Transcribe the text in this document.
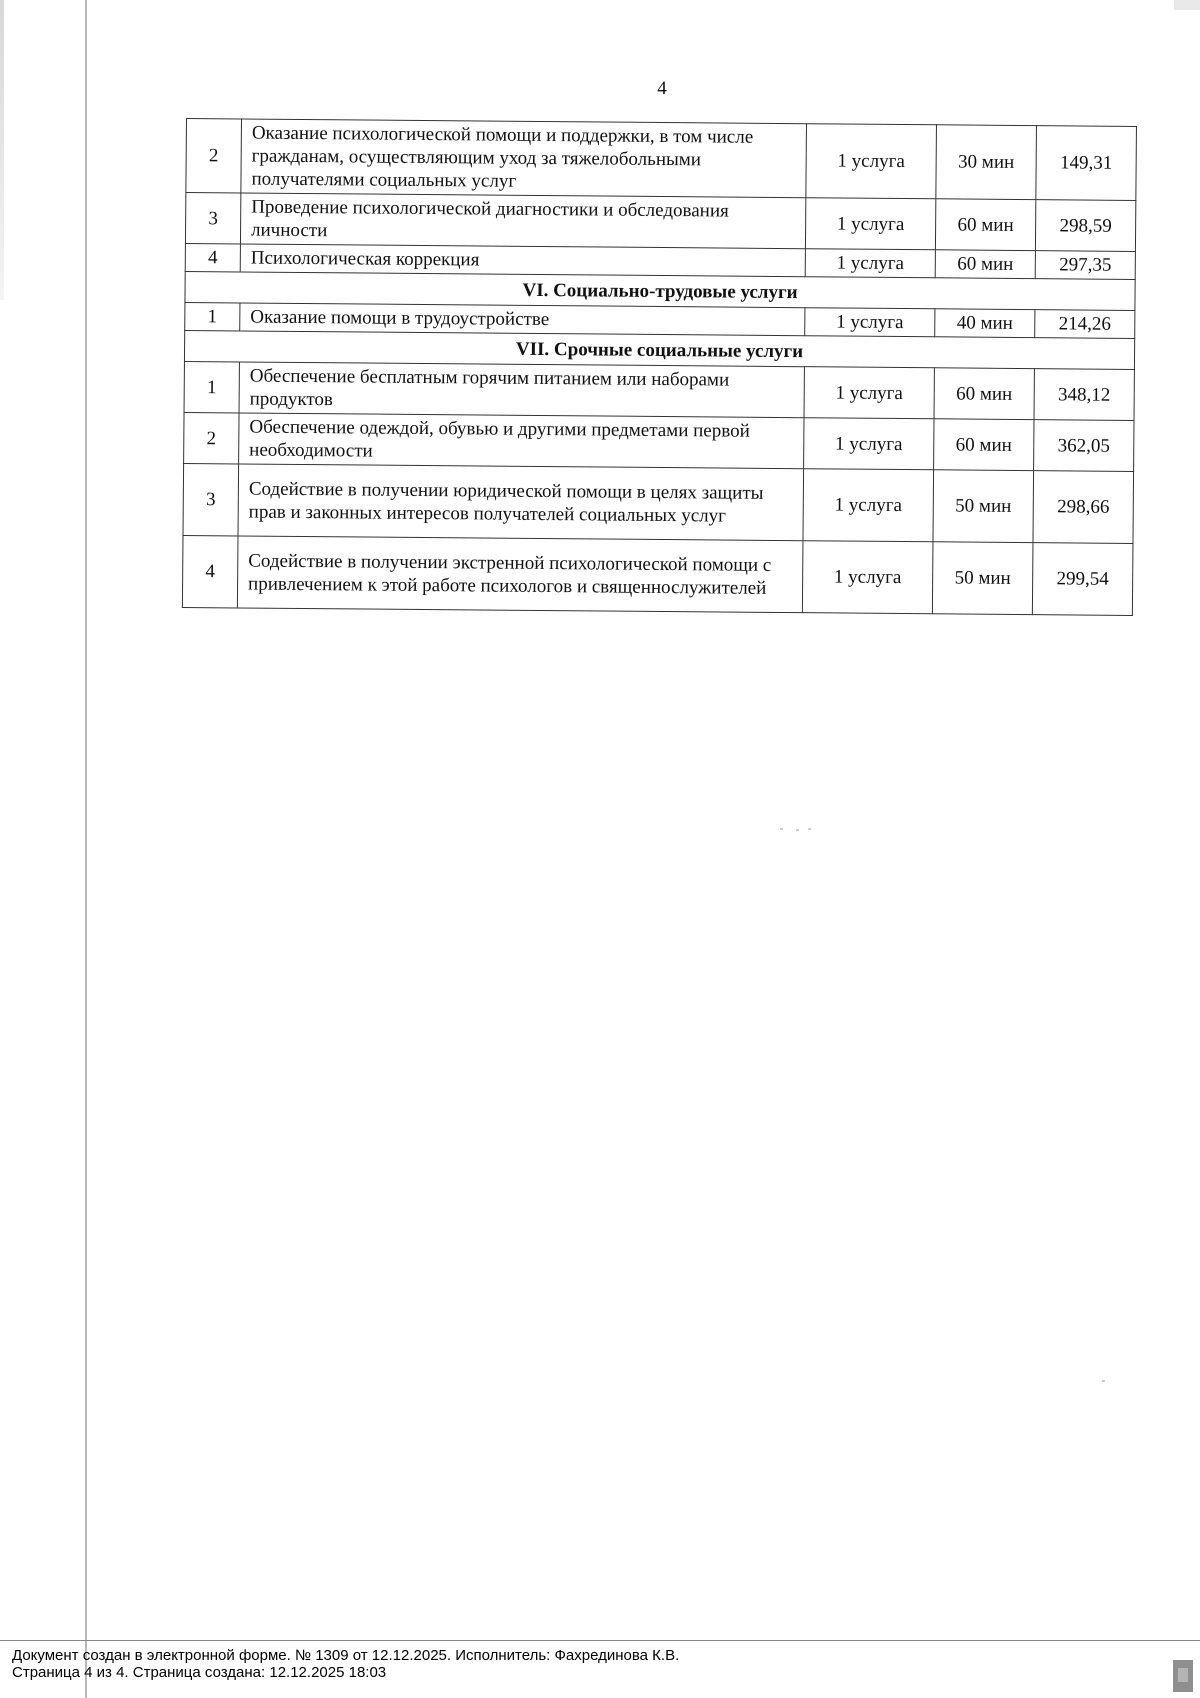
4
2	Оказание психологической помощи и поддержки, в том числе гражданам, осуществляющим уход за тяжелобольными получателями социальных услуг	1 услуга	30 мин	149,31
3	Проведение психологической диагностики и обследования личности	1 услуга	60 мин	298,59
4	Психологическая коррекция	1 услуга	60 мин	297,35
VI. Социально-трудовые услуги				
1	Оказание помощи в трудоустройстве	1 услуга	40 мин	214,26
VII. Срочные социальные услуги				
1	Обеспечение бесплатным горячим питанием или наборами продуктов	1 услуга	60 мин	348,12
2	Обеспечение одеждой, обувью и другими предметами первой необходимости	1 услуга	60 мин	362,05
3	Содействие в получении юридической помощи в целях защиты прав и законных интересов получателей социальных услуг	1 услуга	50 мин	298,66
4	Содействие в получении экстренной психологической помощи с привлечением к этой работе психологов и священнослужителей	1 услуга	50 мин	299,54
Документ создан в электронной форме. № 1309 от 12.12.2025. Исполнитель: Фахрединова К.В.
Страница 4 из 4. Страница создана: 12.12.2025 18:03
